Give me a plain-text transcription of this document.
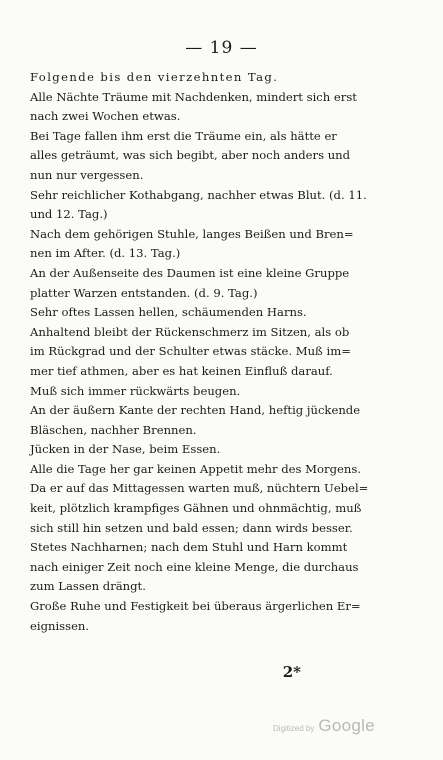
— 19 —

Folgende bis den vierzehnten Tag.

Alle Nächte Träume mit Nachdenken, mindert sich erst
nach zwei Wochen etwas.

Bei Tage fallen ihm erst die Träume ein, als hätte er
alles geträumt, was sich begibt, aber noch anders und
nun nur vergessen.

Sehr reichlicher Kothabgang, nachher etwas Blut. (d. 11.
und 12. Tag.)

Nach dem gehörigen Stuhle, langes Beißen und Bren=
nen im After. (d. 13. Tag.)

An der Außenseite des Daumen ist eine kleine Gruppe
platter Warzen entstanden. (d. 9. Tag.)

Sehr oftes Lassen hellen, schäumenden Harns.

Anhaltend bleibt der Rückenschmerz im Sitzen, als ob
im Rückgrad und der Schulter etwas stäcke. Muß im=
mer tief athmen, aber es hat keinen Einfluß darauf.
Muß sich immer rückwärts beugen.

An der äußern Kante der rechten Hand, heftig jückende
Bläschen, nachher Brennen.

Jücken in der Nase, beim Essen.

Alle die Tage her gar keinen Appetit mehr des Morgens.

Da er auf das Mittagessen warten muß, nüchtern Uebel=
keit, plötzlich krampfiges Gähnen und ohnmächtig, muß
sich still hin setzen und bald essen; dann wirds besser.

Stetes Nachharnen; nach dem Stuhl und Harn kommt
nach einiger Zeit noch eine kleine Menge, die durchaus
zum Lassen drängt.

Große Ruhe und Festigkeit bei überaus ärgerlichen Er=
eignissen.

2*
Digitized by Google
